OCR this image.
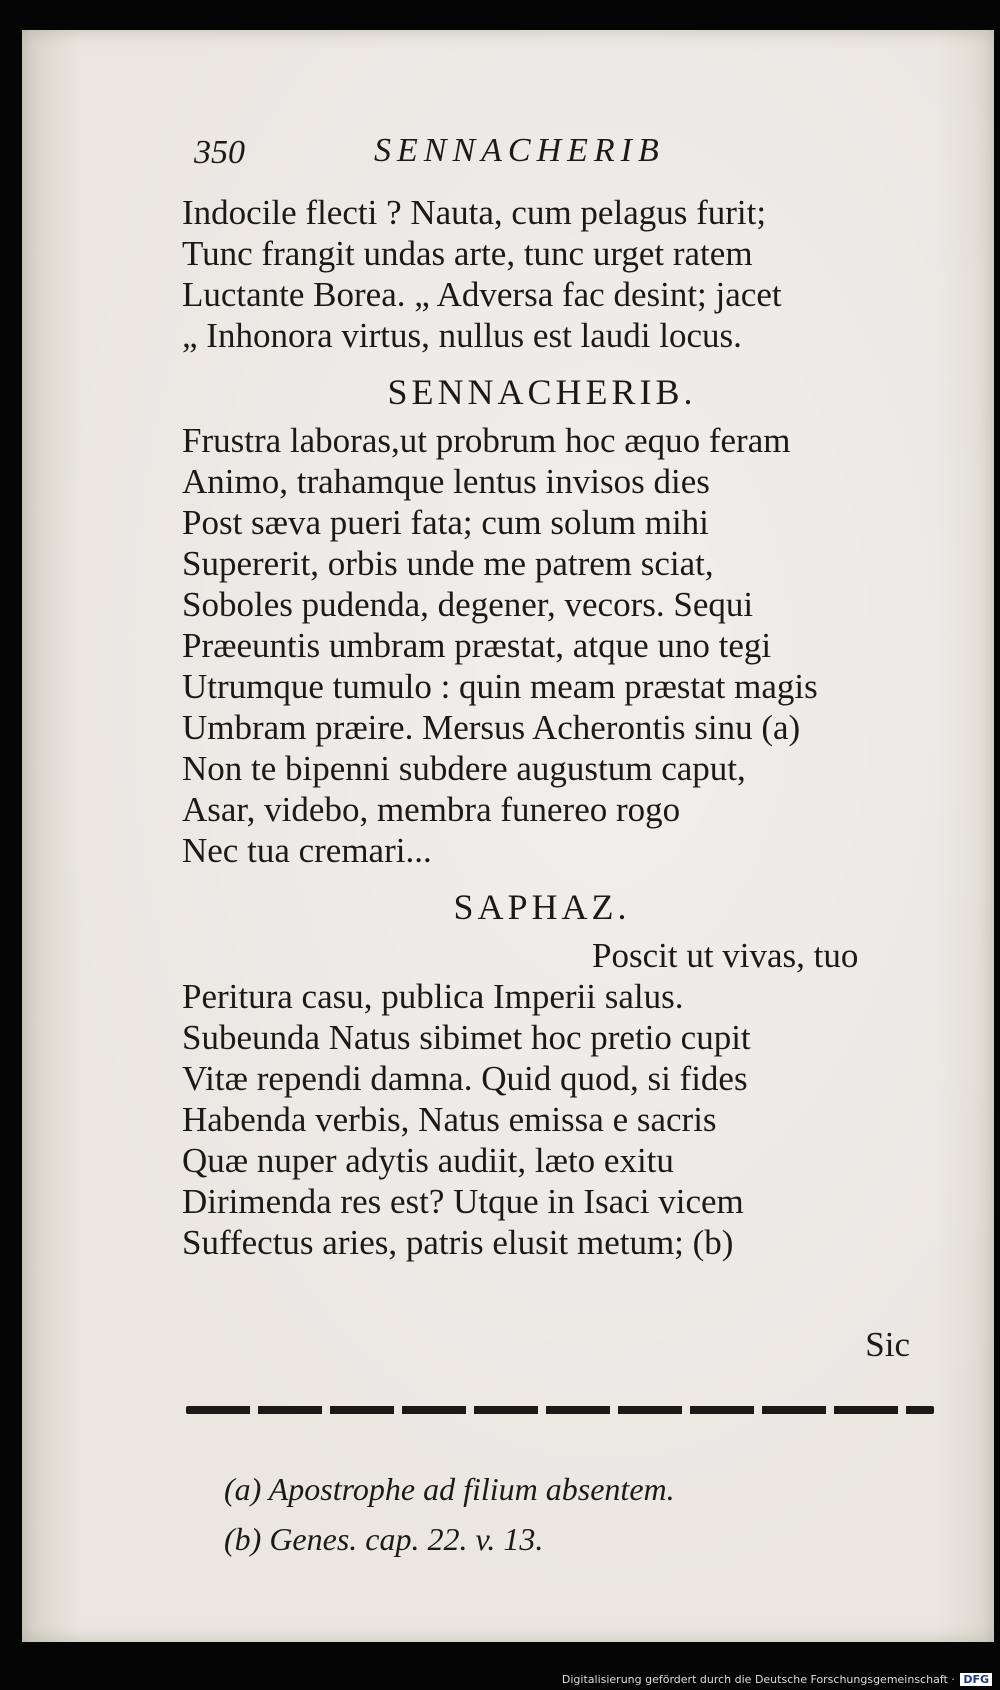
350	SENNACHERIB
Indocile flecti ? Nauta, cum pelagus furit;
Tunc frangit undas arte, tunc urget ratem
Luctante Borea. „ Adversa fac desint; jacet
„ Inhonora virtus, nullus est laudi locus.
SENNACHERIB.
Frustra laboras,ut probrum hoc æquo feram
Animo, trahamque lentus invisos dies
Post sæva pueri fata; cum solum mihi
Supererit, orbis unde me patrem sciat,
Soboles pudenda, degener, vecors. Sequi
Præeuntis umbram præstat, atque uno tegi
Utrumque tumulo : quin meam præstat magis
Umbram præire. Mersus Acherontis sinu (a)
Non te bipenni subdere augustum caput,
Asar, videbo, membra funereo rogo
Nec tua cremari...
SAPHAZ.
Poscit ut vivas, tuo
Peritura casu, publica Imperii salus.
Subeunda Natus sibimet hoc pretio cupit
Vitæ rependi damna. Quid quod, si fides
Habenda verbis, Natus emissa e sacris
Quæ nuper adytis audiit, læto exitu
Dirimenda res est? Utque in Isaci vicem
Suffectus aries, patris elusit metum; (b)
Sic
(a) Apostrophe ad filium absentem.
(b) Genes. cap. 22. v. 13.
Digitalisierung gefördert durch die Deutsche Forschungsgemeinschaft · DFG
